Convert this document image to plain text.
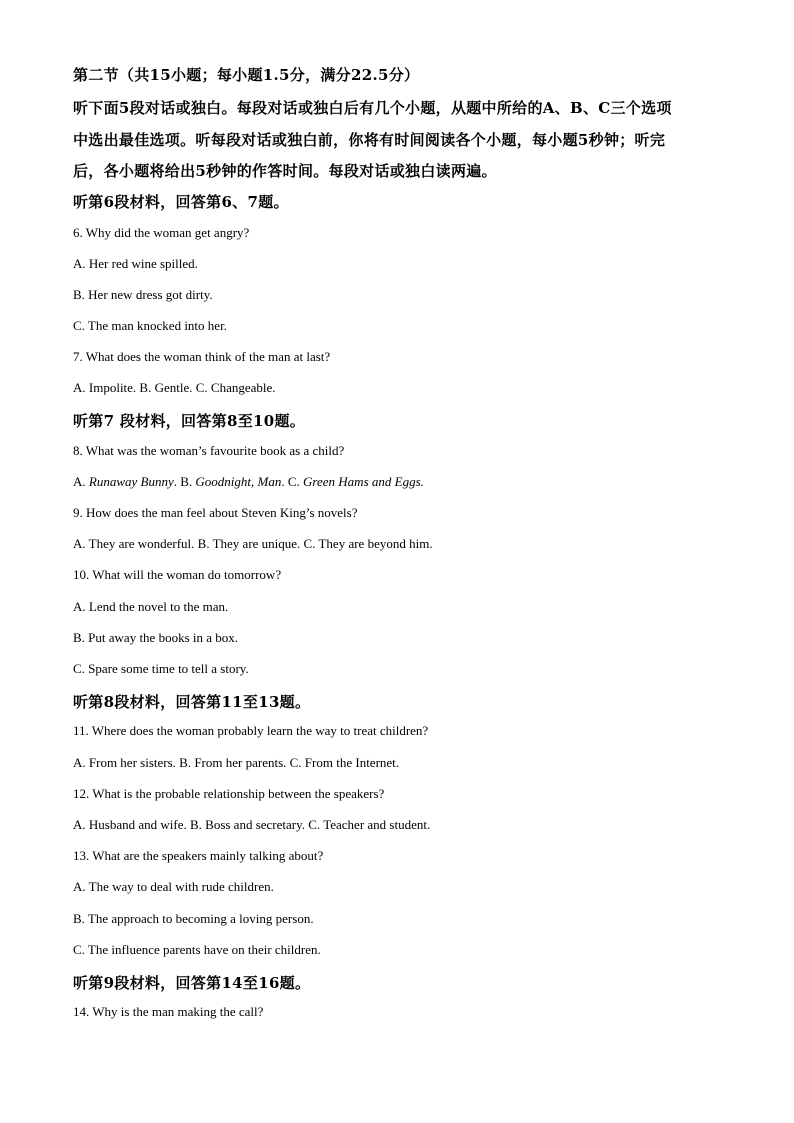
第二节（共15小题；每小题1.5分，满分22.5分）
听下面5段对话或独白。每段对话或独白后有几个小题，从题中所给的A、B、C三个选项
中选出最佳选项。听每段对话或独白前，你将有时间阅读各个小题，每小题5秒钟；听完
后，各小题将给出5秒钟的作答时间。每段对话或独白读两遍。
听第6段材料，回答第6、7题。
6. Why did the woman get angry?
A. Her red wine spilled.
B. Her new dress got dirty.
C. The man knocked into her.
7. What does the woman think of the man at last?
A. Impolite. B. Gentle. C. Changeable.
听第7 段材料，回答第8至10题。
8. What was the woman’s favourite book as a child?
A. Runaway Bunny. B. Goodnight, Man. C. Green Hams and Eggs.
9. How does the man feel about Steven King’s novels?
A. They are wonderful. B. They are unique. C. They are beyond him.
10. What will the woman do tomorrow?
A. Lend the novel to the man.
B. Put away the books in a box.
C. Spare some time to tell a story.
听第8段材料，回答第11至13题。
11. Where does the woman probably learn the way to treat children?
A. From her sisters. B. From her parents. C. From the Internet.
12. What is the probable relationship between the speakers?
A. Husband and wife. B. Boss and secretary. C. Teacher and student.
13. What are the speakers mainly talking about?
A. The way to deal with rude children.
B. The approach to becoming a loving person.
C. The influence parents have on their children.
听第9段材料，回答第14至16题。
14. Why is the man making the call?
